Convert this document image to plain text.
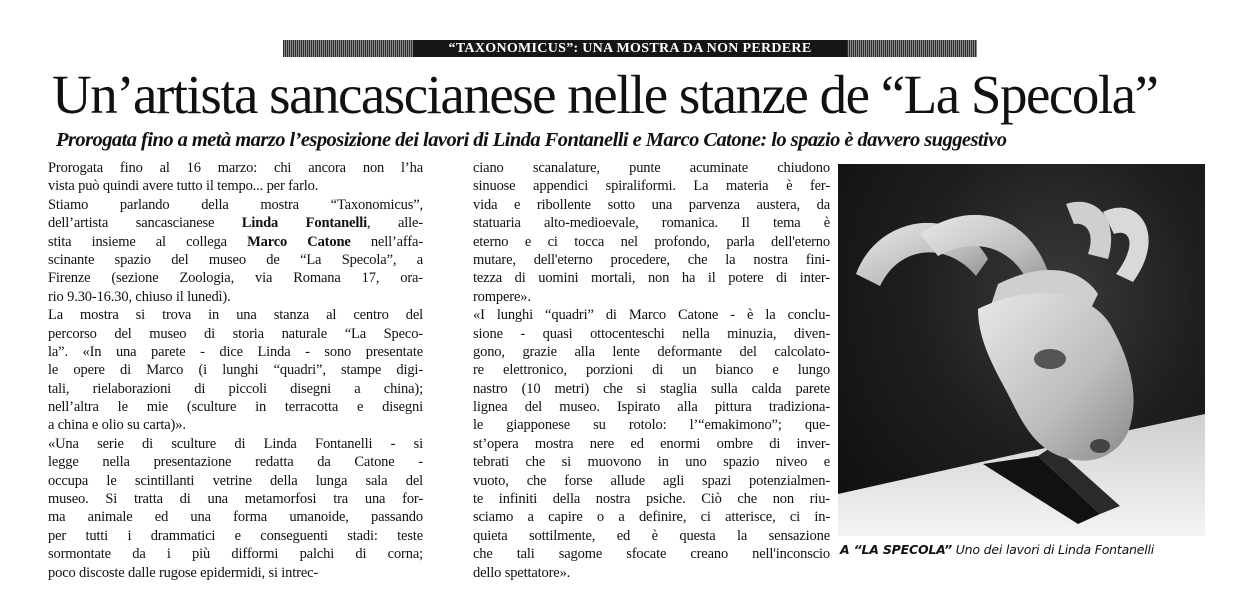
“TAXONOMICUS”: UNA MOSTRA DA NON PERDERE
Un’artista sancascianese nelle stanze de “La Specola”
Prorogata fino a metà marzo l’esposizione dei lavori di Linda Fontanelli e Marco Catone: lo spazio è davvero suggestivo
Prorogata fino al 16 marzo: chi ancora non l’ha
vista può quindi avere tutto il tempo... per farlo.
Stiamo parlando della mostra “Taxonomicus”,
dell’artista sancascianese Linda Fontanelli, alle-
stita insieme al collega Marco Catone nell’affa-
scinante spazio del museo de “La Specola”, a
Firenze (sezione Zoologia, via Romana 17, ora-
rio 9.30-16.30, chiuso il lunedì).
La mostra si trova in una stanza al centro del
percorso del museo di storia naturale “La Speco-
la”. «In una parete - dice Linda - sono presentate
le opere di Marco (i lunghi “quadri”, stampe digi-
tali, rielaborazioni di piccoli disegni a china);
nell’altra le mie (sculture in terracotta e disegni
a china e olio su carta)».
«Una serie di sculture di Linda Fontanelli - si
legge nella presentazione redatta da Catone -
occupa le scintillanti vetrine della lunga sala del
museo. Si tratta di una metamorfosi tra una for-
ma animale ed una forma umanoide, passando
per tutti i drammatici e conseguenti stadi: teste
sormontate da i più difformi palchi di corna;
poco discoste dalle rugose epidermidi, si intrec-
ciano scanalature, punte acuminate chiudono
sinuose appendici spiraliformi. La materia è fer-
vida e ribollente sotto una parvenza austera, da
statuaria alto-medioevale, romanica. Il tema è
eterno e ci tocca nel profondo, parla dell'eterno
mutare, dell'eterno procedere, che la nostra fini-
tezza di uomini mortali, non ha il potere di inter-
rompere».
«I lunghi “quadri” di Marco Catone - è la conclu-
sione - quasi ottocenteschi nella minuzia, diven-
gono, grazie alla lente deformante del calcolato-
re elettronico, porzioni di un bianco e lungo
nastro (10 metri) che si staglia sulla calda parete
lignea del museo. Ispirato alla pittura tradiziona-
le giapponese su rotolo: l’“emakimono”; que-
st’opera mostra nere ed enormi ombre di inver-
tebrati che si muovono in uno spazio niveo e
vuoto, che forse allude agli spazi potenzialmen-
te infiniti della nostra psiche. Ciò che non riu-
sciamo a capire o a definire, ci atterisce, ci in-
quieta sottilmente, ed è questa la sensazione
che tali sagome sfocate creano nell'inconscio
dello spettatore».
A “LA SPECOLA” Uno dei lavori di Linda Fontanelli
